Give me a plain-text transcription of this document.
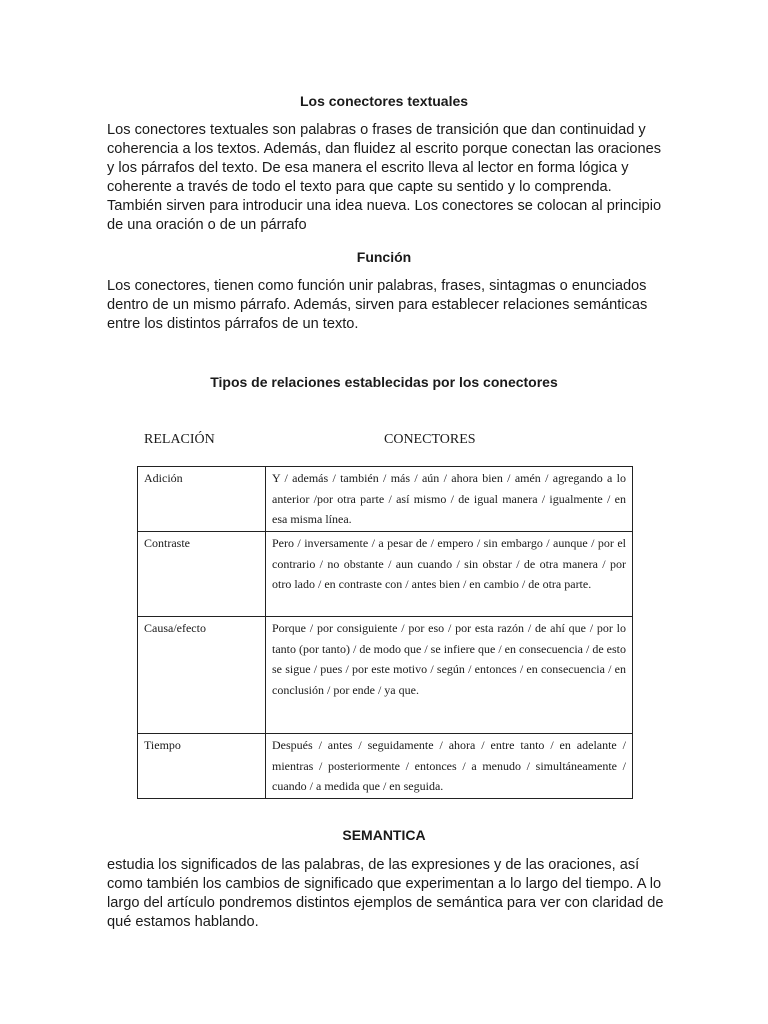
Los conectores textuales
Los conectores textuales son palabras o frases de transición que dan continuidad y coherencia a los textos. Además, dan fluidez al escrito porque conectan las oraciones y los párrafos del texto. De esa manera el escrito lleva al lector en forma lógica y coherente a través de todo el texto para que capte su sentido y lo comprenda. También sirven para introducir una idea nueva. Los conectores se colocan al principio de una oración o de un párrafo
Función
Los conectores, tienen como función unir palabras, frases, sintagmas o enunciados dentro de un mismo párrafo. Además, sirven para establecer relaciones semánticas entre los distintos párrafos de un texto.
Tipos de relaciones establecidas por los conectores
RELACIÓN	CONECTORES
Adición	Y / además / también / más / aún / ahora bien / amén / agregando a lo anterior /por otra parte / así mismo / de igual manera / igualmente / en esa misma línea.
Contraste	Pero / inversamente / a pesar de / empero / sin embargo / aunque / por el contrario / no obstante / aun cuando / sin obstar / de otra manera / por otro lado / en contraste con / antes bien / en cambio / de otra parte.
Causa/efecto	Porque / por consiguiente / por eso / por esta razón / de ahí que / por lo tanto (por tanto) / de modo que / se infiere que / en consecuencia / de esto se sigue / pues / por este motivo / según / entonces / en consecuencia / en conclusión / por ende / ya que.
Tiempo	Después / antes / seguidamente / ahora / entre tanto / en adelante / mientras / posteriormente / entonces / a menudo / simultáneamente / cuando / a medida que / en seguida.
SEMANTICA
estudia los significados de las palabras, de las expresiones y de las oraciones, así como también los cambios de significado que experimentan a lo largo del tiempo. A lo largo del artículo pondremos distintos ejemplos de semántica para ver con claridad de qué estamos hablando.
